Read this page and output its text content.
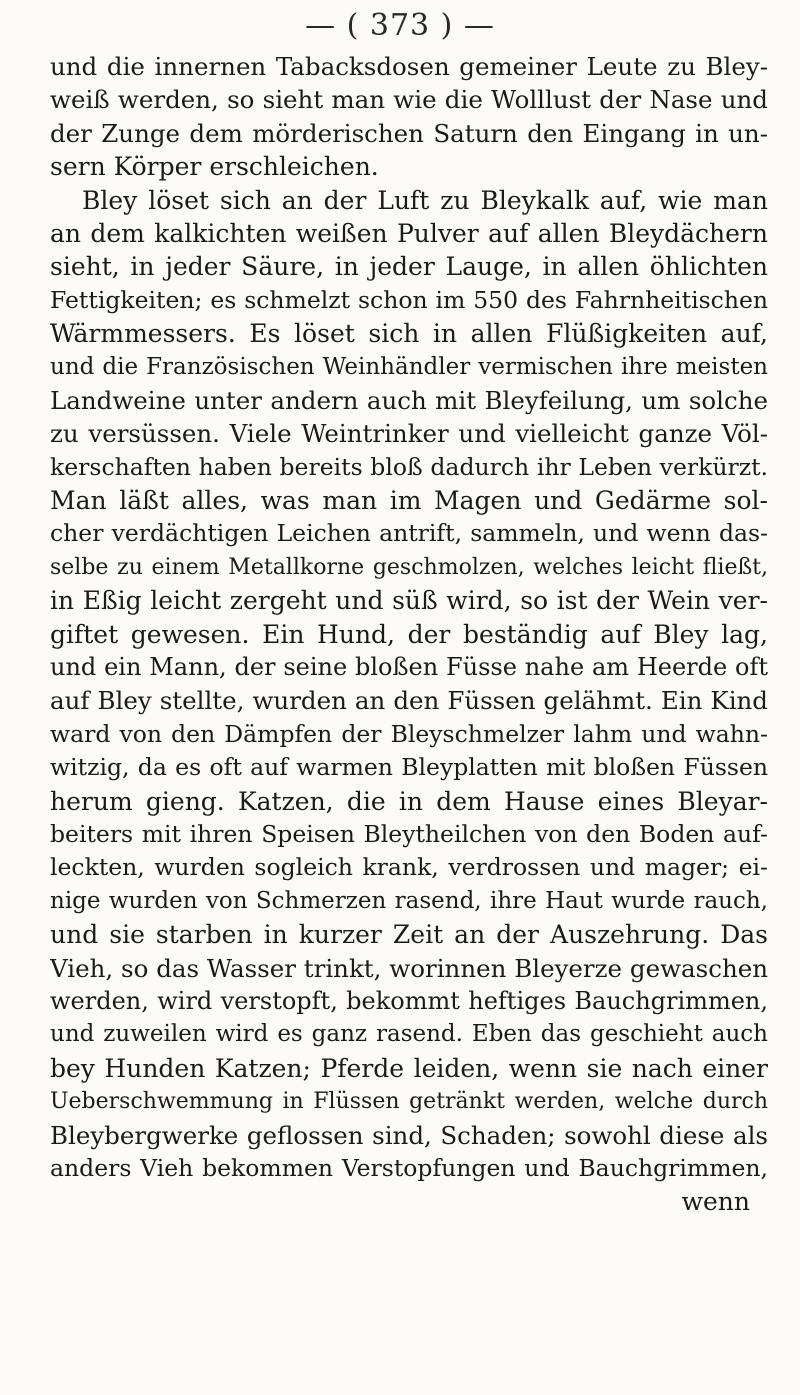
— ( 373 ) —
und die innernen Tabacksdosen gemeiner Leute zu Bley-
weiß werden, so sieht man wie die Wolllust der Nase und
der Zunge dem mörderischen Saturn den Eingang in un-
sern Körper erschleichen.
Bley löset sich an der Luft zu Bleykalk auf, wie man
an dem kalkichten weißen Pulver auf allen Bleydächern
sieht, in jeder Säure, in jeder Lauge, in allen öhlichten
Fettigkeiten; es schmelzt schon im 550 des Fahrnheitischen
Wärmmessers. Es löset sich in allen Flüßigkeiten auf,
und die Französischen Weinhändler vermischen ihre meisten
Landweine unter andern auch mit Bleyfeilung, um solche
zu versüssen. Viele Weintrinker und vielleicht ganze Völ-
kerschaften haben bereits bloß dadurch ihr Leben verkürzt.
Man läßt alles, was man im Magen und Gedärme sol-
cher verdächtigen Leichen antrift, sammeln, und wenn das-
selbe zu einem Metallkorne geschmolzen, welches leicht fließt,
in Eßig leicht zergeht und süß wird, so ist der Wein ver-
giftet gewesen. Ein Hund, der beständig auf Bley lag,
und ein Mann, der seine bloßen Füsse nahe am Heerde oft
auf Bley stellte, wurden an den Füssen gelähmt. Ein Kind
ward von den Dämpfen der Bleyschmelzer lahm und wahn-
witzig, da es oft auf warmen Bleyplatten mit bloßen Füssen
herum gieng. Katzen, die in dem Hause eines Bleyar-
beiters mit ihren Speisen Bleytheilchen von den Boden auf-
leckten, wurden sogleich krank, verdrossen und mager; ei-
nige wurden von Schmerzen rasend, ihre Haut wurde rauch,
und sie starben in kurzer Zeit an der Auszehrung. Das
Vieh, so das Wasser trinkt, worinnen Bleyerze gewaschen
werden, wird verstopft, bekommt heftiges Bauchgrimmen,
und zuweilen wird es ganz rasend. Eben das geschieht auch
bey Hunden Katzen; Pferde leiden, wenn sie nach einer
Ueberschwemmung in Flüssen getränkt werden, welche durch
Bleybergwerke geflossen sind, Schaden; sowohl diese als
anders Vieh bekommen Verstopfungen und Bauchgrimmen,
wenn
